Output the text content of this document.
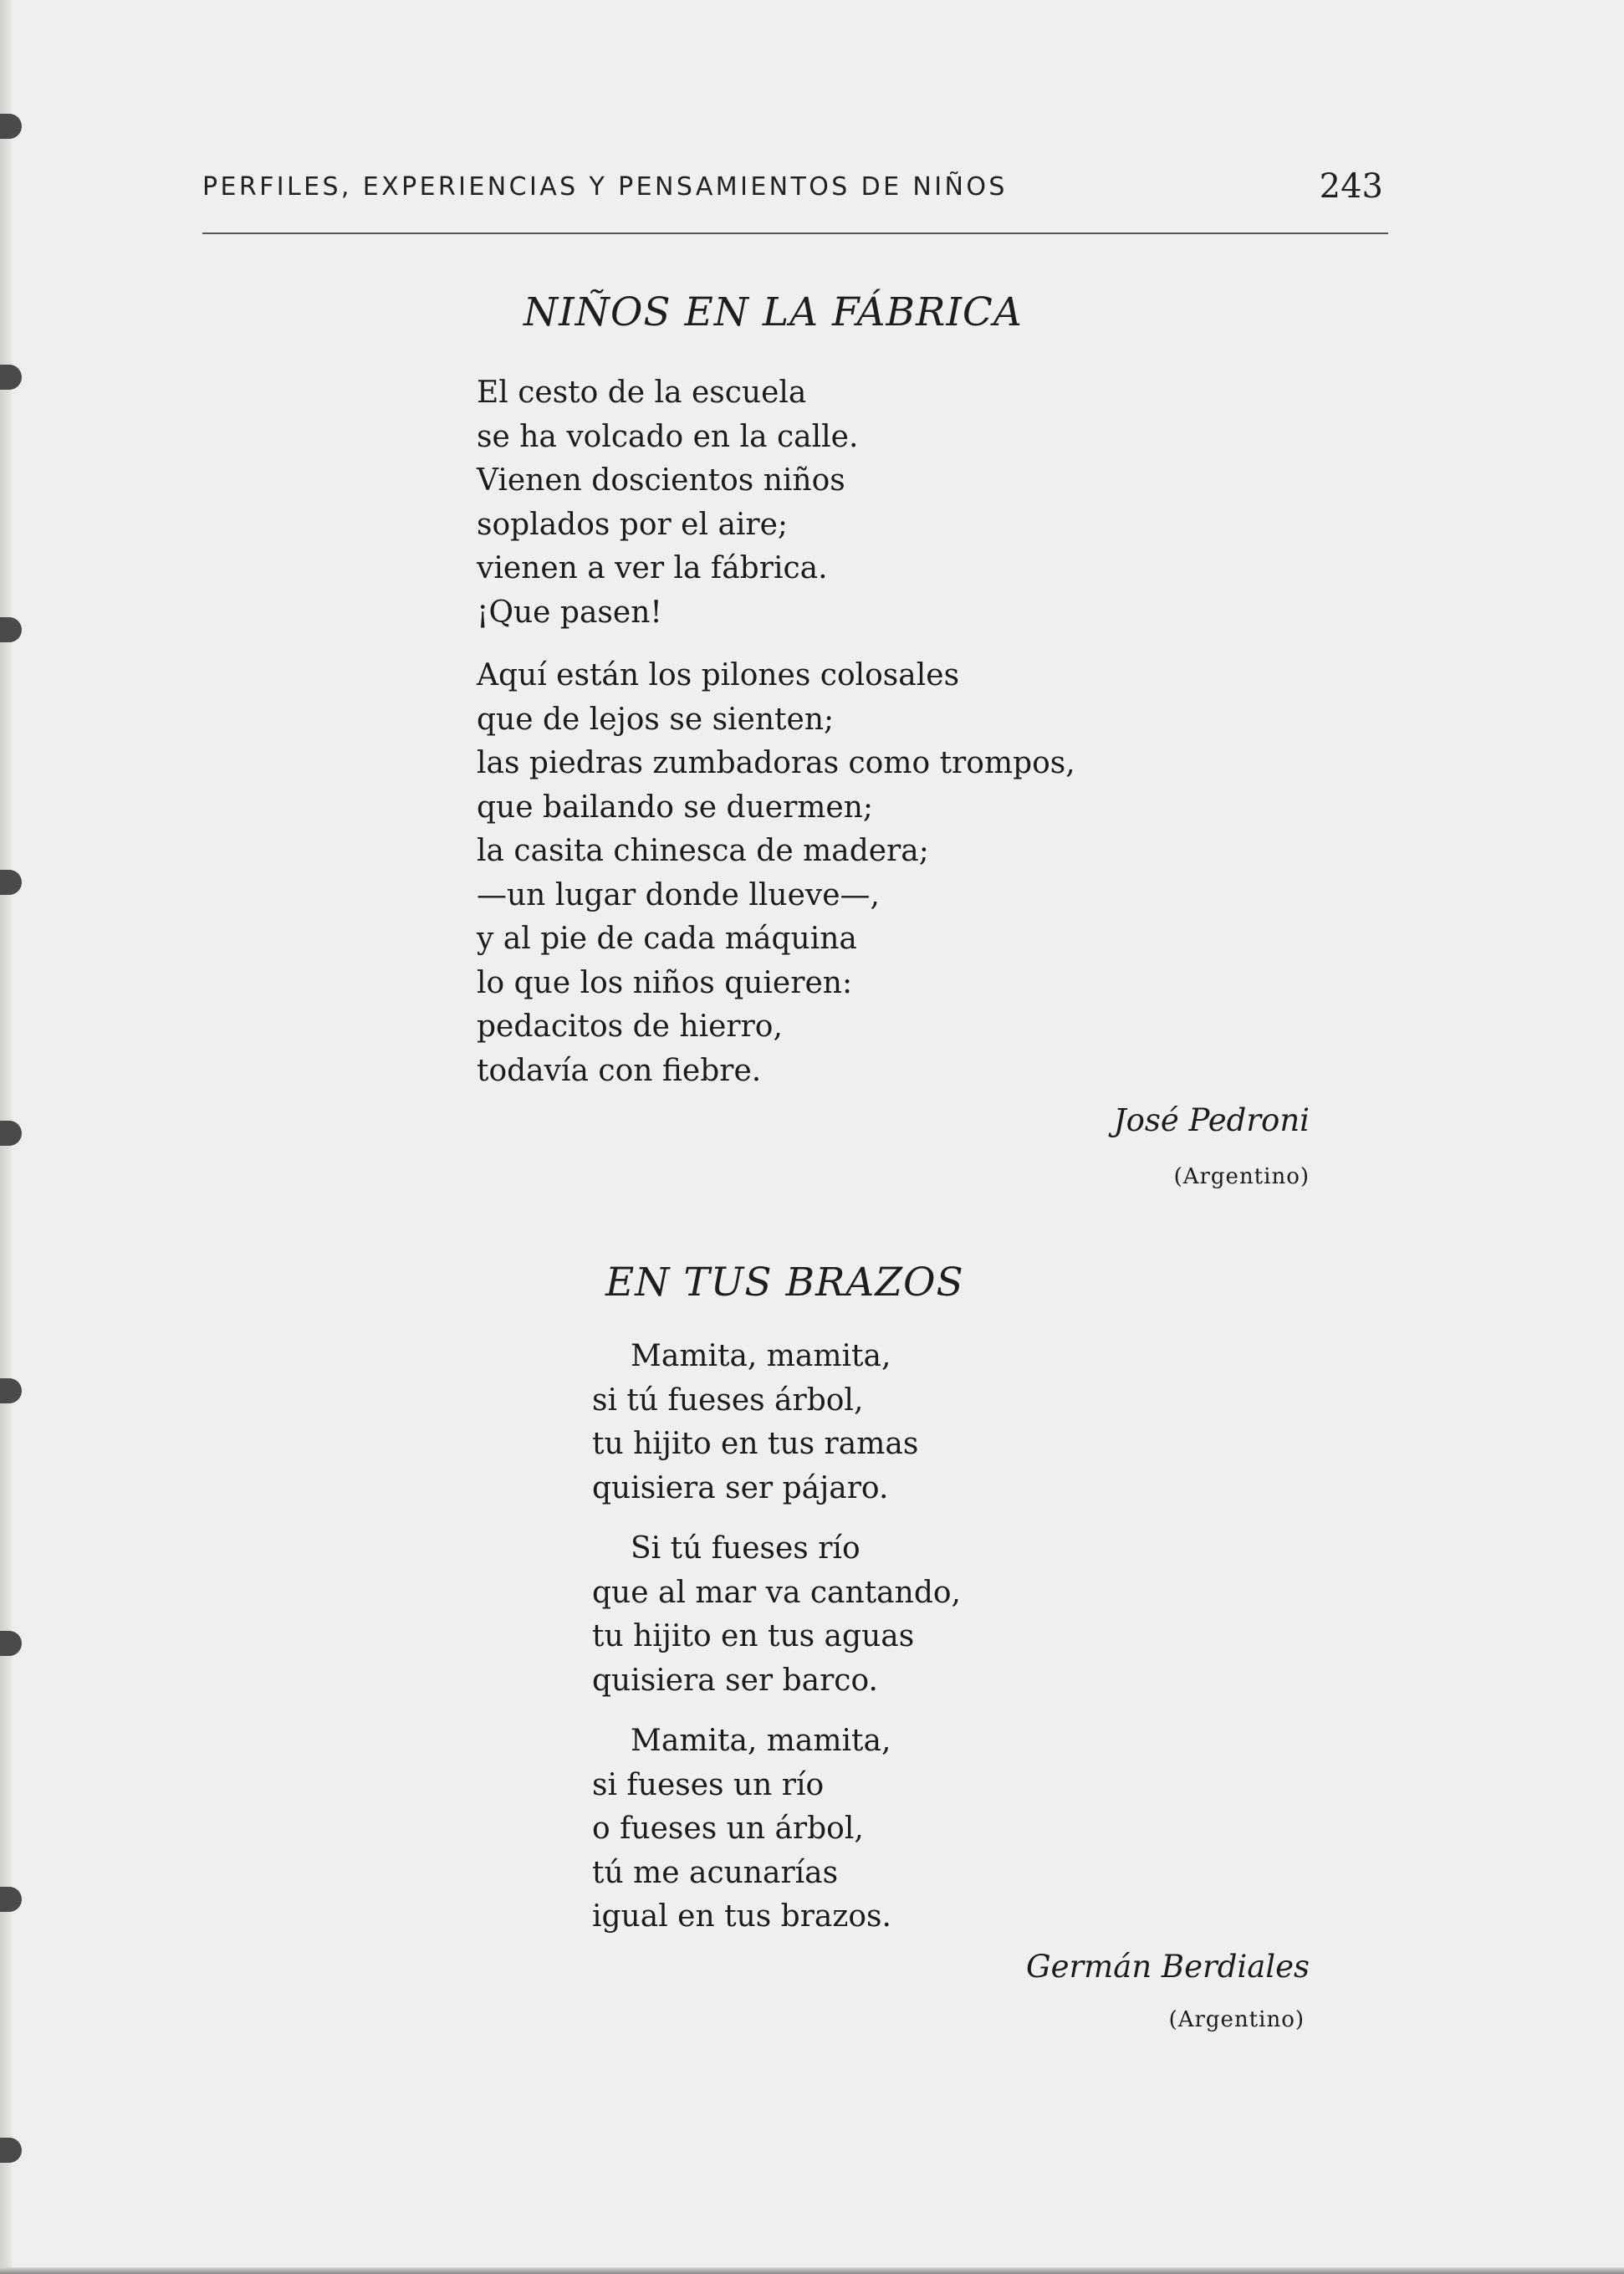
PERFILES, EXPERIENCIAS Y PENSAMIENTOS DE NIÑOS	243
NIÑOS EN LA FÁBRICA
El cesto de la escuela
se ha volcado en la calle.
Vienen doscientos niños
soplados por el aire;
vienen a ver la fábrica.
¡Que pasen!
Aquí están los pilones colosales
que de lejos se sienten;
las piedras zumbadoras como trompos,
que bailando se duermen;
la casita chinesca de madera;
—un lugar donde llueve—,
y al pie de cada máquina
lo que los niños quieren:
pedacitos de hierro,
todavía con fiebre.
José Pedroni
(Argentino)
EN TUS BRAZOS
Mamita, mamita,
si tú fueses árbol,
tu hijito en tus ramas
quisiera ser pájaro.
Si tú fueses río
que al mar va cantando,
tu hijito en tus aguas
quisiera ser barco.
Mamita, mamita,
si fueses un río
o fueses un árbol,
tú me acunarías
igual en tus brazos.
Germán Berdiales
(Argentino)
